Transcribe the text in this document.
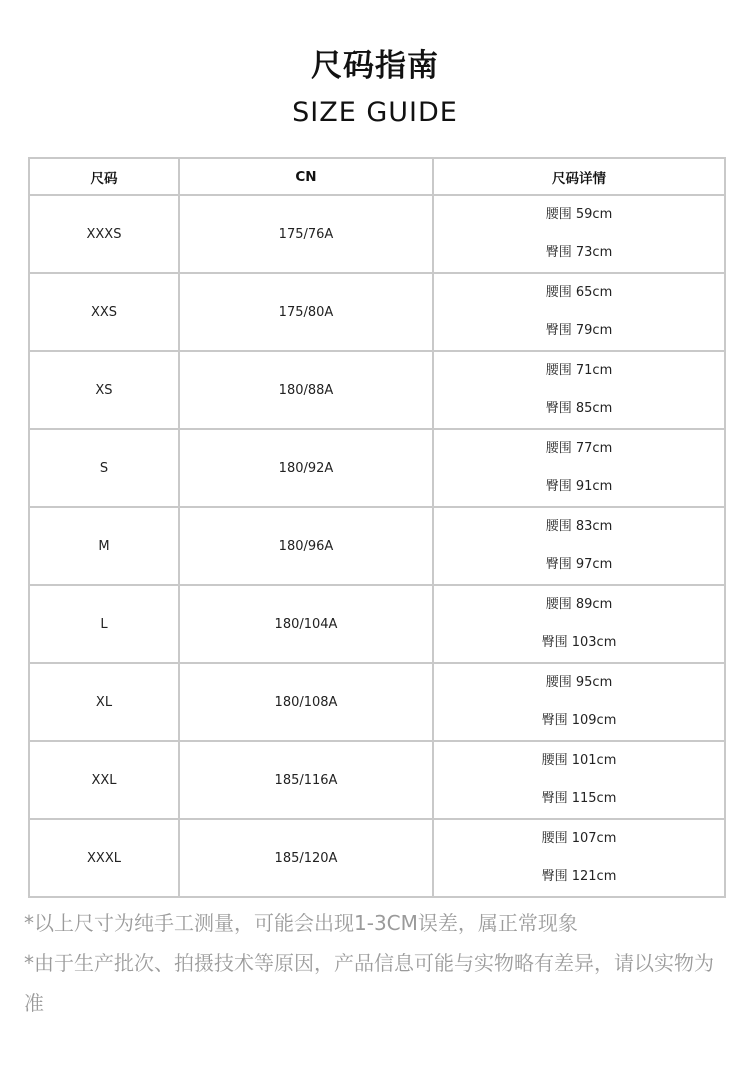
尺码指南
SIZE GUIDE
尺码	CN	尺码详情
XXXS	175/76A	腰围 59cm
臀围 73cm

XXS	175/80A	腰围 65cm
臀围 79cm

XS	180/88A	腰围 71cm
臀围 85cm

S	180/92A	腰围 77cm
臀围 91cm

M	180/96A	腰围 83cm
臀围 97cm

L	180/104A	腰围 89cm
臀围 103cm

XL	180/108A	腰围 95cm
臀围 109cm

XXL	185/116A	腰围 101cm
臀围 115cm

XXXL	185/120A	腰围 107cm
臀围 121cm
*以上尺寸为纯手工测量，可能会出现1-3CM误差，属正常现象
*由于生产批次、拍摄技术等原因，产品信息可能与实物略有差异，请以实物为准
